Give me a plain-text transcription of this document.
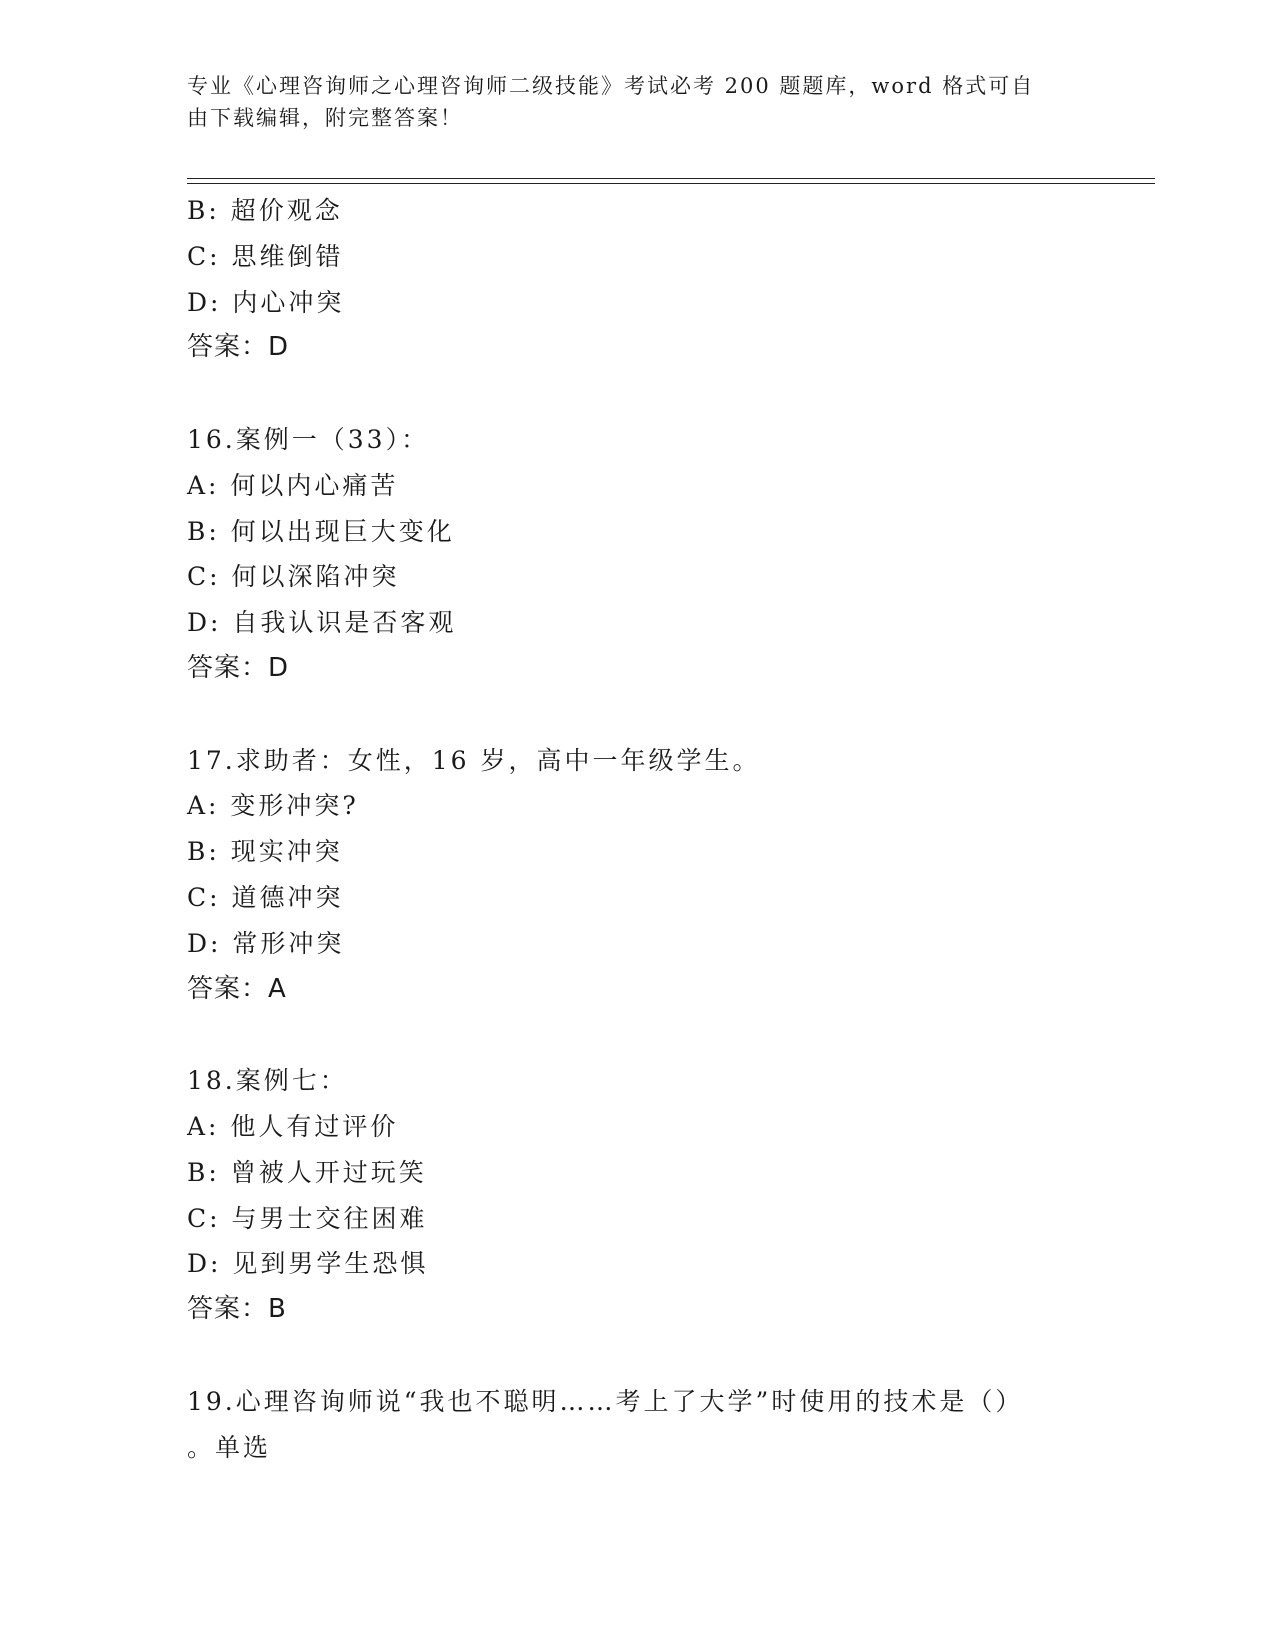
专业《心理咨询师之心理咨询师二级技能》考试必考 200 题题库，word 格式可自
由下载编辑，附完整答案！
B: 超价观念
C: 思维倒错
D: 内心冲突
答案：D
16.案例一（33）：
A: 何以内心痛苦
B: 何以出现巨大变化
C: 何以深陷冲突
D: 自我认识是否客观
答案：D
17.求助者：女性，16 岁，高中一年级学生。
A: 变形冲突?
B: 现实冲突
C: 道德冲突
D: 常形冲突
答案：A
18.案例七：
A: 他人有过评价
B: 曾被人开过玩笑
C: 与男士交往困难
D: 见到男学生恐惧
答案：B
19.心理咨询师说“我也不聪明……考上了大学”时使用的技术是（）
。单选
